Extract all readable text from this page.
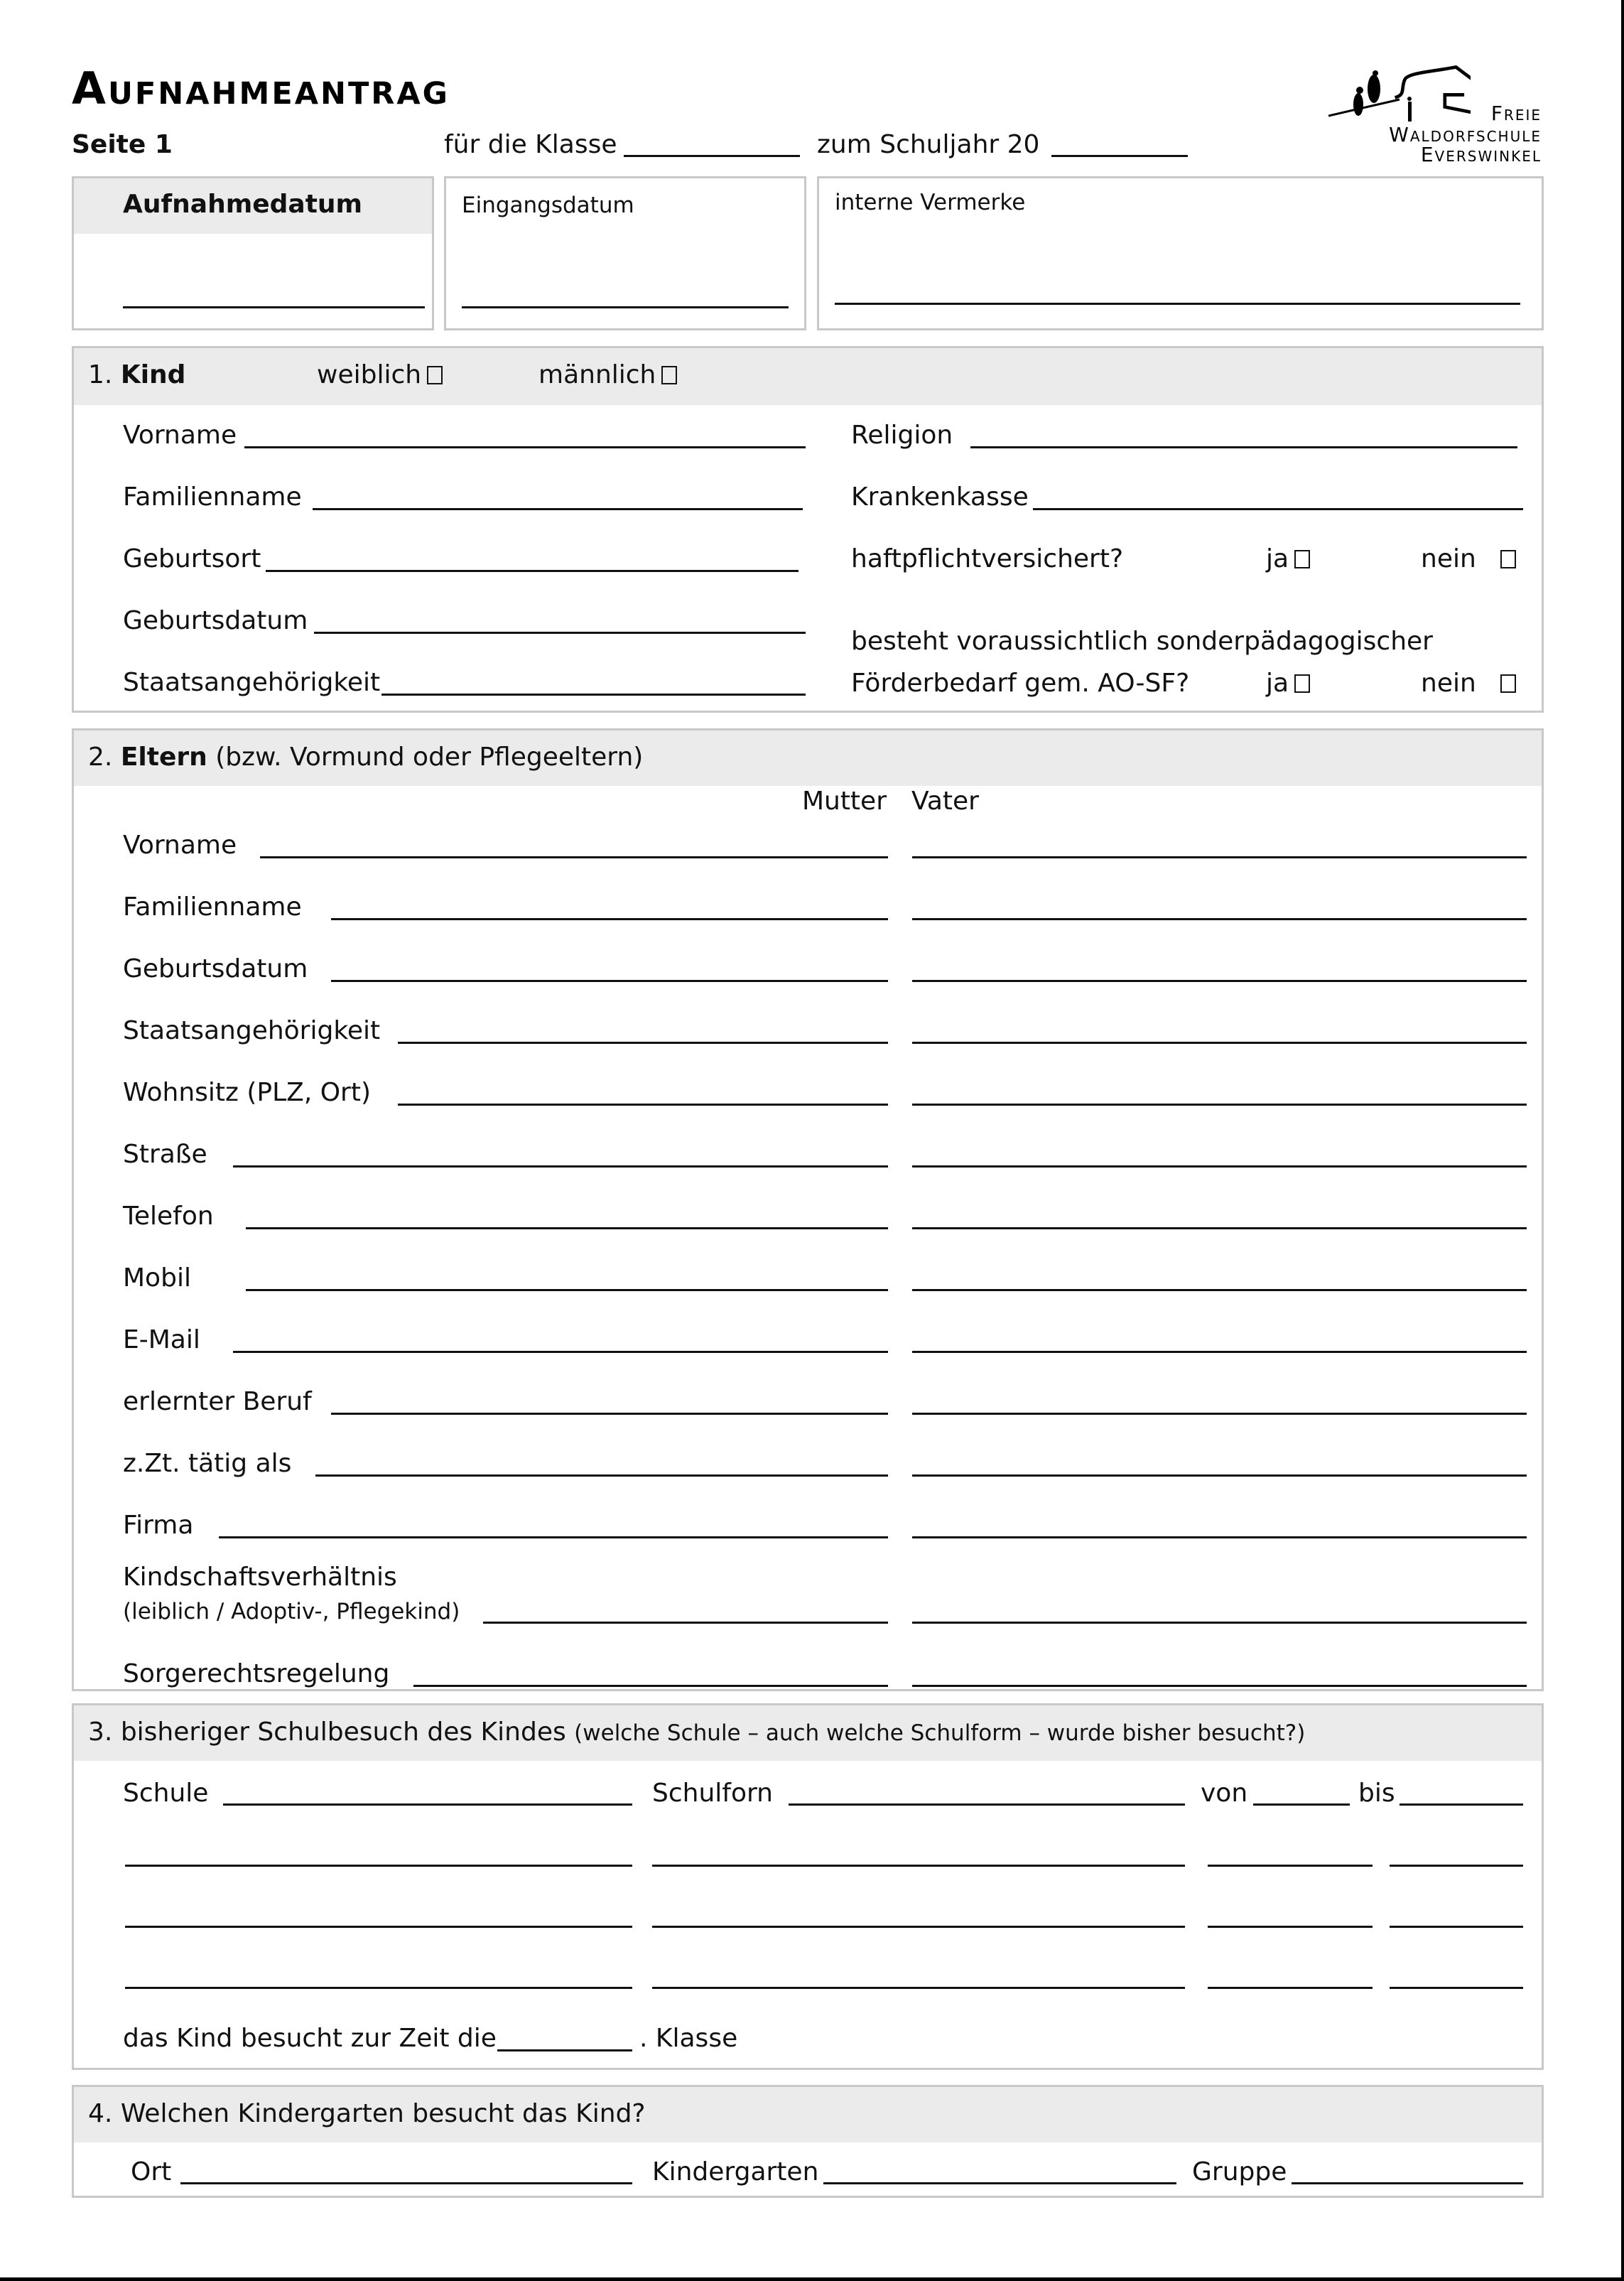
Aufnahmeantrag
Seite 1	für die Klasse	zum Schuljahr 20
Freie
Waldorfschule
Everswinkel
Aufnahmedatum	Eingangsdatum	interne Vermerke
1. Kind	weiblich	männlich
Vorname
Familienname
Geburtsort
Geburtsdatum
Staatsangehörigkeit
Religion
Krankenkasse
haftpflichtversichert?	ja	nein
besteht voraussichtlich sonderpädagogischer
Förderbedarf gem. AO-SF?	ja	nein
2. Eltern (bzw. Vormund oder Pflegeeltern)
Mutter Vater
Vorname
Familienname
Geburtsdatum
Staatsangehörigkeit
Wohnsitz (PLZ, Ort)
Straße
Telefon
Mobil
E-Mail
erlernter Beruf
z.Zt. tätig als
Firma
Kindschaftsverhältnis
(leiblich / Adoptiv-, Pflegekind)
Sorgerechtsregelung
3. bisheriger Schulbesuch des Kindes (welche Schule – auch welche Schulform – wurde bisher besucht?)
Schule	Schulforn	von	bis
das Kind besucht zur Zeit die	. Klasse
4. Welchen Kindergarten besucht das Kind?
Ort	Kindergarten	Gruppe
